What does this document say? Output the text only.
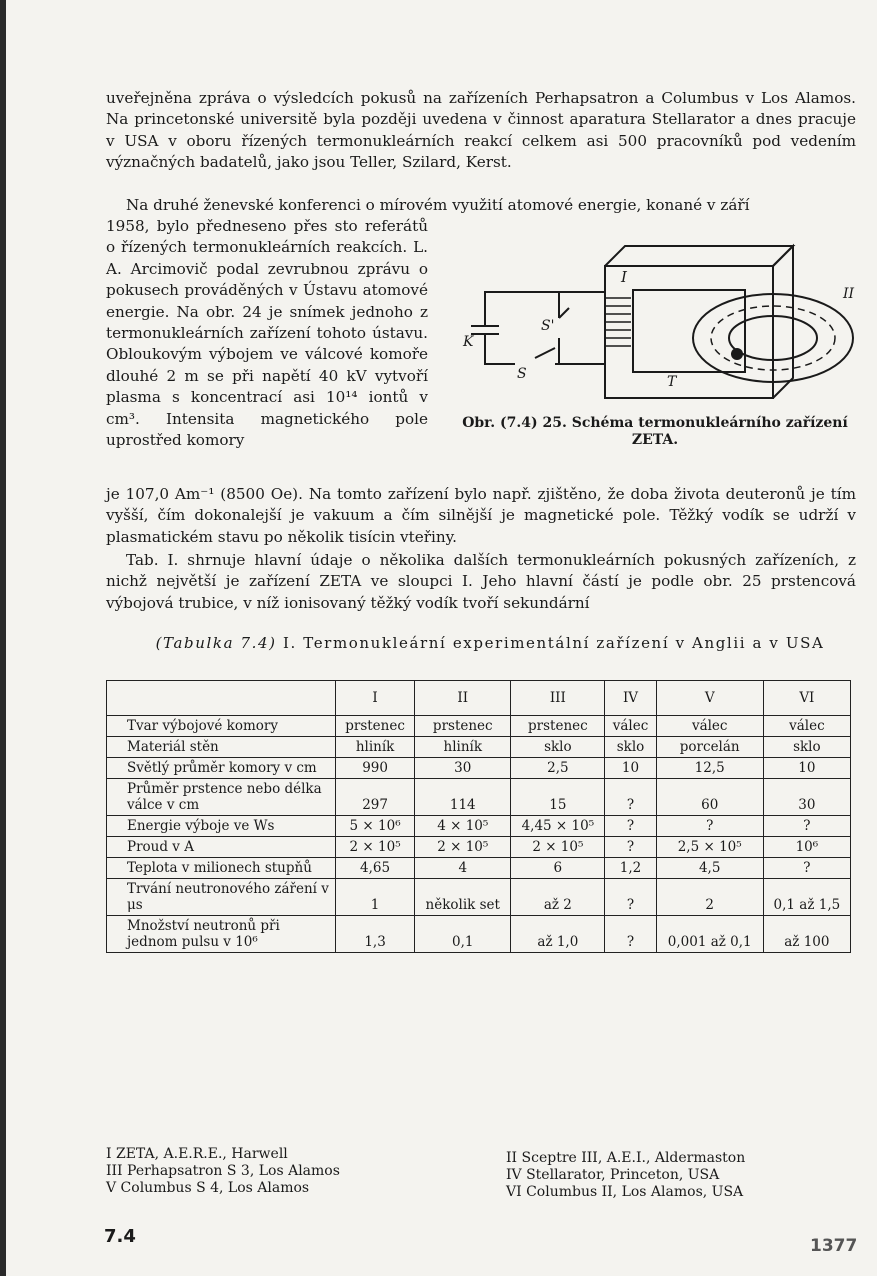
uveřejněna zpráva o výsledcích pokusů na zařízeních Perhapsatron a Columbus v Los Alamos. Na princetonské universitě byla později uvedena v činnost aparatura Stellarator a dnes pracuje v USA v oboru řízených termonukleárních reakcí celkem asi 500 pracovníků pod vedením význačných badatelů, jako jsou Teller, Szilard, Kerst.

Na druhé ženevské konferenci o mírovém využití atomové energie, konané v září

1958, bylo předneseno přes sto referátů o řízených termonukleárních reakcích. L. A. Arcimovič podal zevrubnou zprávu o pokusech prováděných v Ústavu atomové energie. Na obr. 24 je snímek jednoho z termonukleárních zařízení tohoto ústavu. Obloukovým výbojem ve válcové komoře dlouhé 2 m se při napětí 40 kV vytvoří plasma s koncentrací asi 10¹⁴ iontů v cm³. Intensita magnetického pole uprostřed komory

je 107,0 Am⁻¹ (8500 Oe). Na tomto zařízení bylo např. zjištěno, že doba života deuteronů je tím vyšší, čím dokonalejší je vakuum a čím silnější je magnetické pole. Těžký vodík se udrží v plasmatickém stavu po několik tisícin vteřiny.

Tab. I. shrnuje hlavní údaje o několika dalších termonukleárních pokusných zařízeních, z nichž největší je zařízení ZETA ve sloupci I. Jeho hlavní částí je podle obr. 25 prstencová výbojová trubice, v níž ionisovaný těžký vodík tvoří sekundární

I
II
S'
S
K
T
Obr. (7.4) 25. Schéma termonukleárního zařízení ZETA.
(Tabulka 7.4) I. Termonukleární experimentální zařízení v Anglii a v USA
	I	II	III	IV	V	VI
Tvar výbojové komory	prstenec	prstenec	prstenec	válec	válec	válec
Materiál stěn	hliník	hliník	sklo	sklo	porcelán	sklo
Světlý průměr komory v cm	990	30	2,5	10	12,5	10
Průměr prstence nebo délka válce v cm	297	114	15	?	60	30
Energie výboje ve Ws	5 × 10⁶	4 × 10⁵	4,45 × 10⁵	?	?	?
Proud v A	2 × 10⁵	2 × 10⁵	2 × 10⁵	?	2,5 × 10⁵	10⁶
Teplota v milionech stupňů	4,65	4	6	1,2	4,5	?
Trvání neutronového záření v μs	1	několik set	až 2	?	2	0,1 až 1,5
Množství neutronů při jednom pulsu v 10⁶	1,3	0,1	až 1,0	?	0,001 až 0,1	až 100
I ZETA, A.E.R.E., Harwell
III Perhapsatron S 3, Los Alamos
V Columbus S 4, Los Alamos
II Sceptre III, A.E.I., Aldermaston
IV Stellarator, Princeton, USA
VI Columbus II, Los Alamos, USA
7.4	1377
